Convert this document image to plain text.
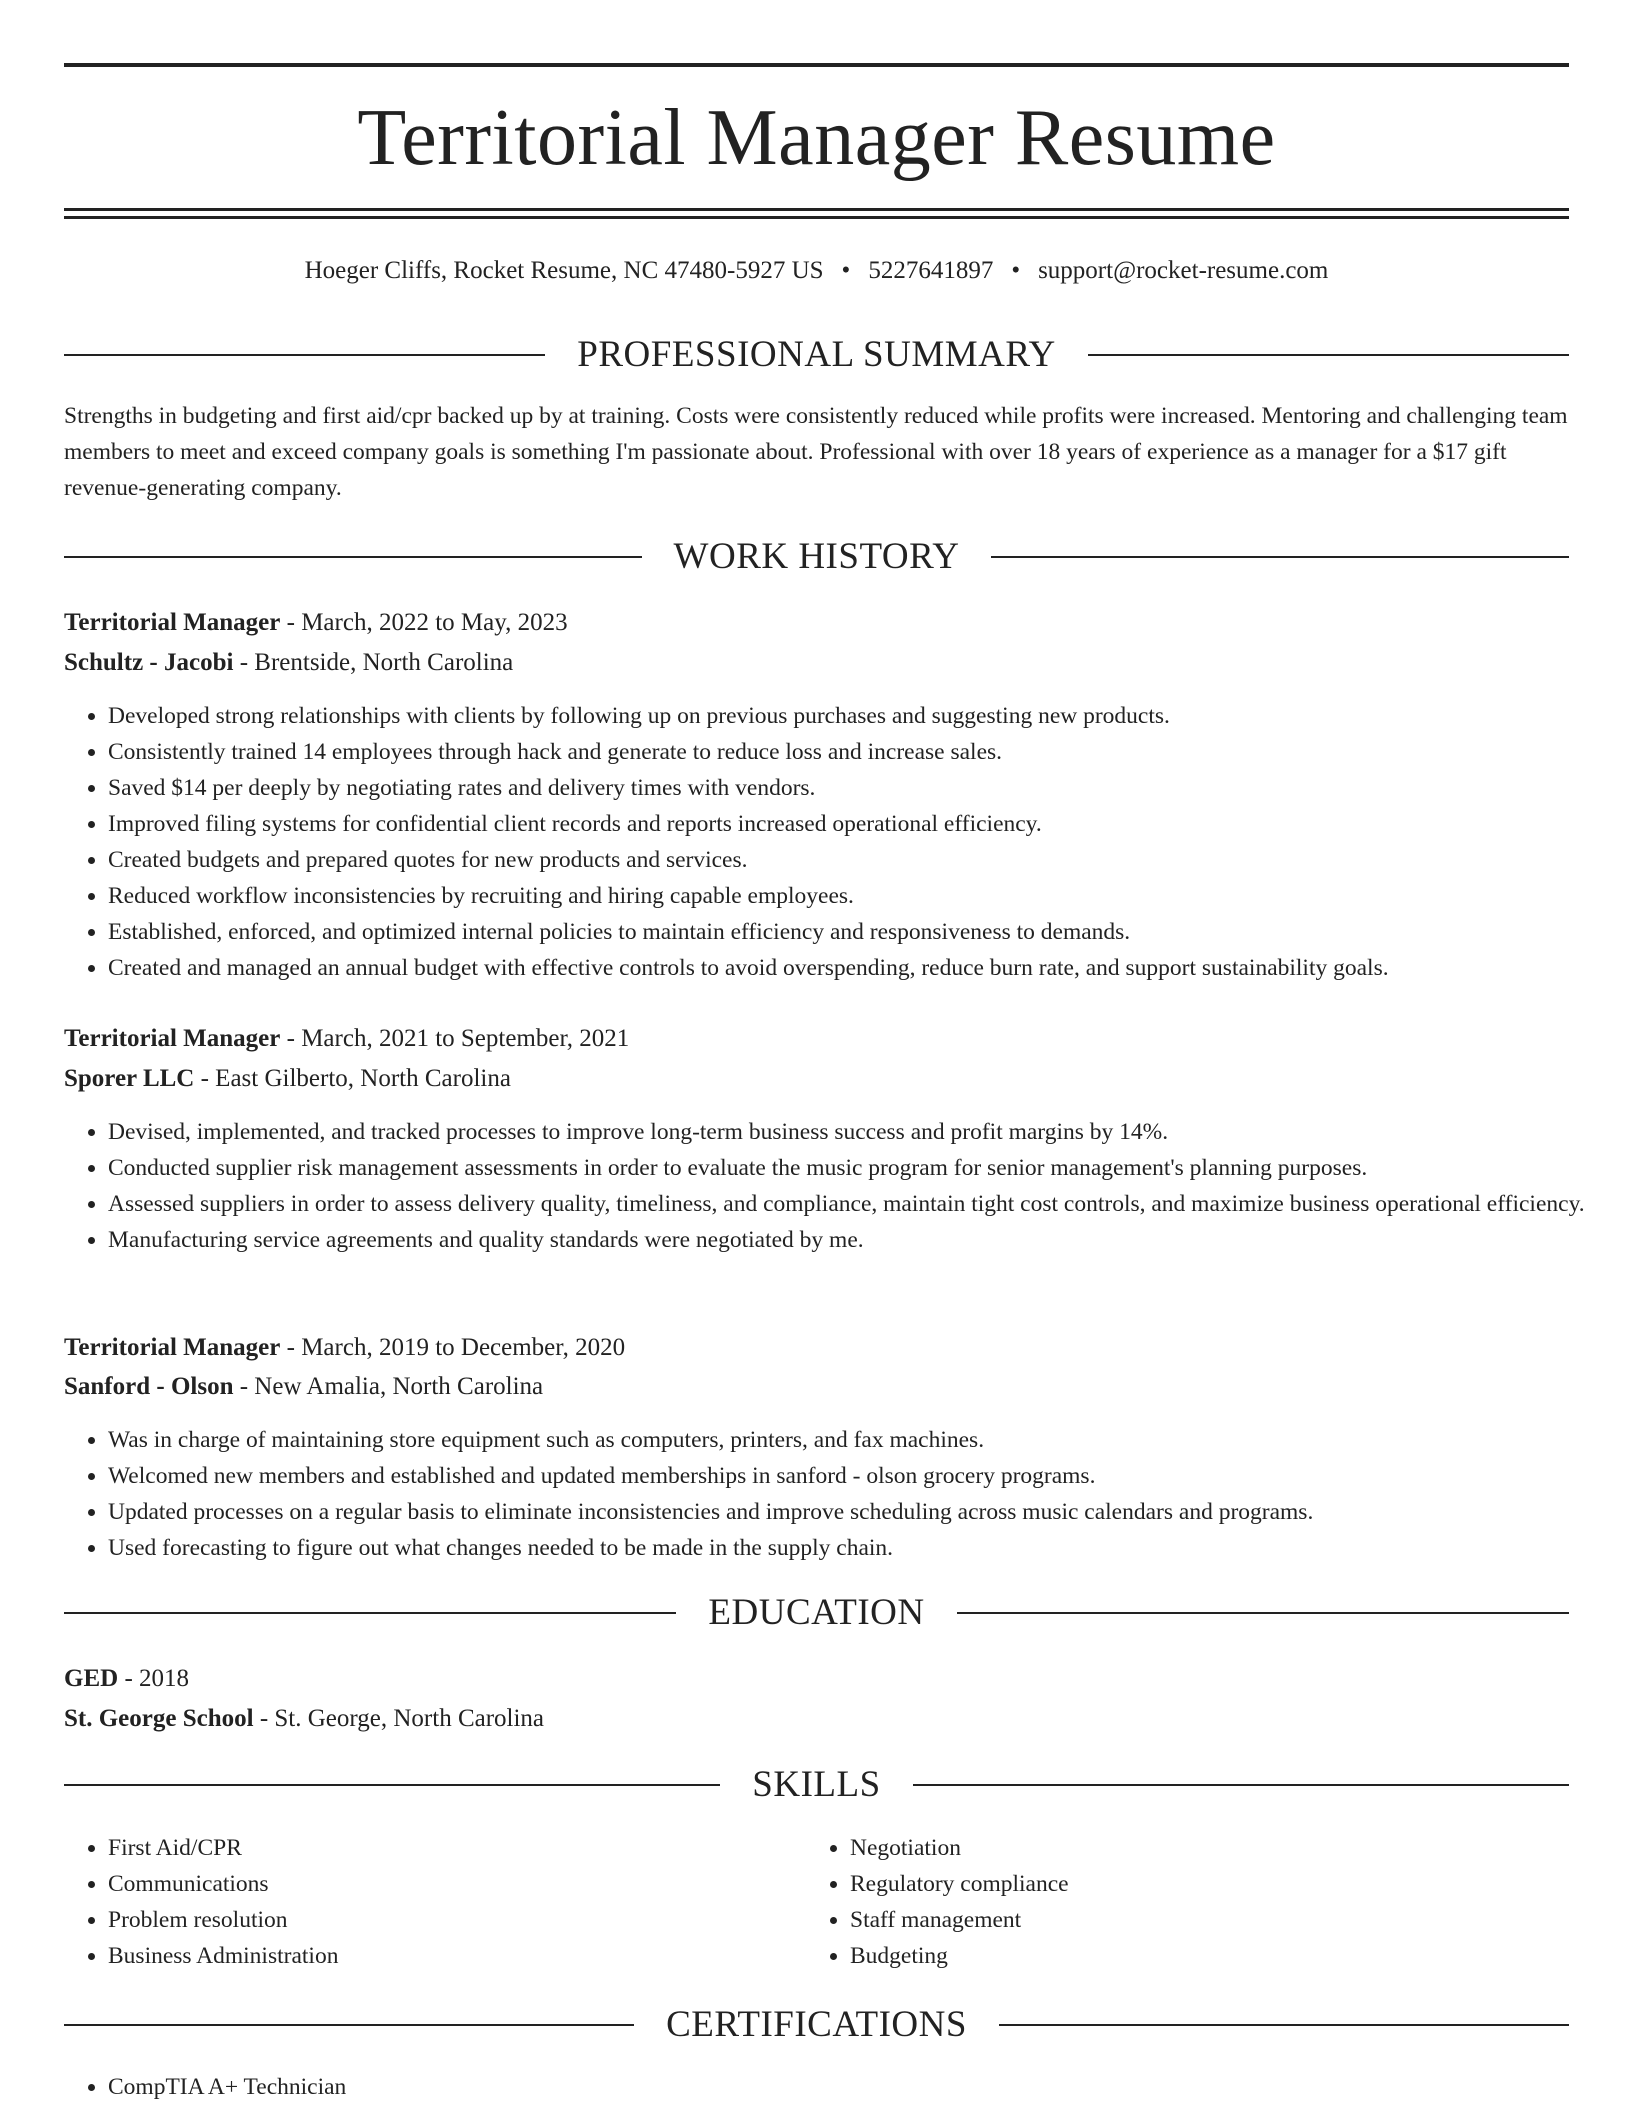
Territorial Manager Resume
Hoeger Cliffs, Rocket Resume, NC 47480-5927 US • 5227641897 • support@rocket-resume.com
PROFESSIONAL SUMMARY

Strengths in budgeting and first aid/cpr backed up by at training. Costs were consistently reduced while profits were increased. Mentoring and challenging team members to meet and exceed company goals is something I'm passionate about. Professional with over 18 years of experience as a manager for a $17 gift revenue-generating company.

WORK HISTORY
Territorial Manager - March, 2022 to May, 2023
Schultz - Jacobi - Brentside, North Carolina
• Developed strong relationships with clients by following up on previous purchases and suggesting new products.
• Consistently trained 14 employees through hack and generate to reduce loss and increase sales.
• Saved $14 per deeply by negotiating rates and delivery times with vendors.
• Improved filing systems for confidential client records and reports increased operational efficiency.
• Created budgets and prepared quotes for new products and services.
• Reduced workflow inconsistencies by recruiting and hiring capable employees.
• Established, enforced, and optimized internal policies to maintain efficiency and responsiveness to demands.
• Created and managed an annual budget with effective controls to avoid overspending, reduce burn rate, and support sustainability goals.
Territorial Manager - March, 2021 to September, 2021
Sporer LLC - East Gilberto, North Carolina
• Devised, implemented, and tracked processes to improve long-term business success and profit margins by 14%.
• Conducted supplier risk management assessments in order to evaluate the music program for senior management's planning purposes.
• Assessed suppliers in order to assess delivery quality, timeliness, and compliance, maintain tight cost controls, and maximize business operational efficiency.
• Manufacturing service agreements and quality standards were negotiated by me.
Territorial Manager - March, 2019 to December, 2020
Sanford - Olson - New Amalia, North Carolina
• Was in charge of maintaining store equipment such as computers, printers, and fax machines.
• Welcomed new members and established and updated memberships in sanford - olson grocery programs.
• Updated processes on a regular basis to eliminate inconsistencies and improve scheduling across music calendars and programs.
• Used forecasting to figure out what changes needed to be made in the supply chain.
EDUCATION
GED - 2018
St. George School - St. George, North Carolina
SKILLS
• First Aid/CPR
• Communications
• Problem resolution
• Business Administration
• Negotiation
• Regulatory compliance
• Staff management
• Budgeting
CERTIFICATIONS
• CompTIA A+ Technician
